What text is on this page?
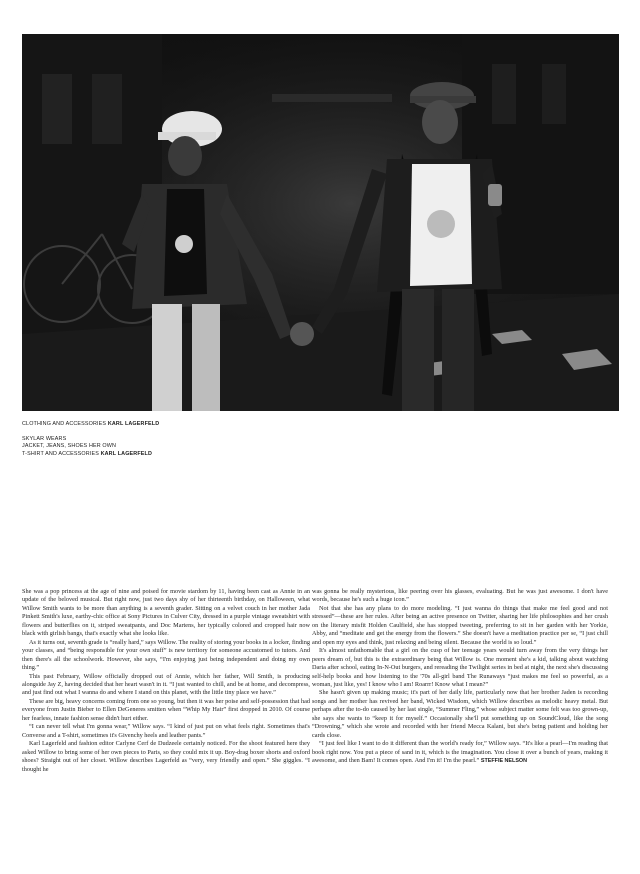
CLOTHING AND ACCESSORIES KARL LAGERFELD
SKYLAR WEARS
JACKET, JEANS, SHOES HER OWN
T-SHIRT AND ACCESSORIES KARL LAGERFELD

She was a pop princess at the age of nine and poised for movie stardom by 11, having been cast as Annie in an update of the beloved musical. But right now, just two days shy of her thirteenth birthday, on Halloween, what Willow Smith wants to be more than anything is a seventh grader. Sitting on a velvet couch in her mother Jada Pinkett Smith's luxe, earthy-chic office at Sony Pictures in Culver City, dressed in a purple vintage sweatshirt with flowers and butterflies on it, striped sweatpants, and Doc Martens, her typically colored and cropped hair now black with girlish bangs, that's exactly what she looks like.

As it turns out, seventh grade is “really hard,” says Willow. The reality of storing your books in a locker, finding your classes, and “being responsible for your own stuff” is new territory for someone accustomed to tutors. And then there's all the schoolwork. However, she says, “I'm enjoying just being independent and doing my own thing.”

This past February, Willow officially dropped out of Annie, which her father, Will Smith, is producing alongside Jay Z, having decided that her heart wasn't in it. “I just wanted to chill, and be at home, and decompress, and just find out what I wanna do and where I stand on this planet, with the little tiny place we have.”

These are big, heavy concerns coming from one so young, but then it was her poise and self-possession that had everyone from Justin Bieber to Ellen DeGeneres smitten when “Whip My Hair” first dropped in 2010. Of course her fearless, innate fashion sense didn't hurt either.

“I can never tell what I'm gonna wear,” Willow says. “I kind of just put on what feels right. Sometimes that's Converse and a T-shirt, sometimes it's Givenchy heels and leather pants.”

Karl Lagerfeld and fashion editor Carlyne Cerf de Dudzeele certainly noticed. For the shoot featured here they asked Willow to bring some of her own pieces to Paris, so they could mix it up. Boy-drag boxer shorts and oxford shoes? Straight out of her closet. Willow describes Lagerfeld as “very, very friendly and open.” She giggles. “I thought he

was gonna be really mysterious, like peering over his glasses, evaluating. But he was just awesome. I don't have words, because he's such a huge icon.”

Not that she has any plans to do more modeling. “I just wanna do things that make me feel good and not stressed”—these are her rules. After being an active presence on Twitter, sharing her life philosophies and her crush on the literary misfit Holden Caulfield, she has stopped tweeting, preferring to sit in her garden with her Yorkie, Abby, and “meditate and get the energy from the flowers.” She doesn't have a meditation practice per se, “I just chill and open my eyes and think, just relaxing and being silent. Because the world is so loud.”

It's almost unfathomable that a girl on the cusp of her teenage years would turn away from the very things her peers dream of, but this is the extraordinary being that Willow is. One moment she's a kid, talking about watching Daria after school, eating In-N-Out burgers, and rereading the Twilight series in bed at night, the next she's discussing self-help books and how listening to the '70s all-girl band The Runaways “just makes me feel so powerful, as a woman, just like, yes! I know who I am! Roarrr! Know what I mean?”

She hasn't given up making music; it's part of her daily life, particularly now that her brother Jaden is recording songs and her mother has revived her band, Wicked Wisdom, which Willow describes as melodic heavy metal. But perhaps after the to-do caused by her last single, “Summer Fling,” whose subject matter some felt was too grown-up, she says she wants to “keep it for myself.” Occasionally she'll put something up on SoundCloud, like the song “Drowning,” which she wrote and recorded with her friend Mecca Kalani, but she's being patient and holding her cards close.

“I just feel like I want to do it different than the world's ready for,” Willow says. “It's like a pearl—I'm reading that book right now. You put a piece of sand in it, which is the imagination. You close it over a bunch of years, making it awesome, and then Bam! It comes open. And I'm it! I'm the pearl.” STEFFIE NELSON
